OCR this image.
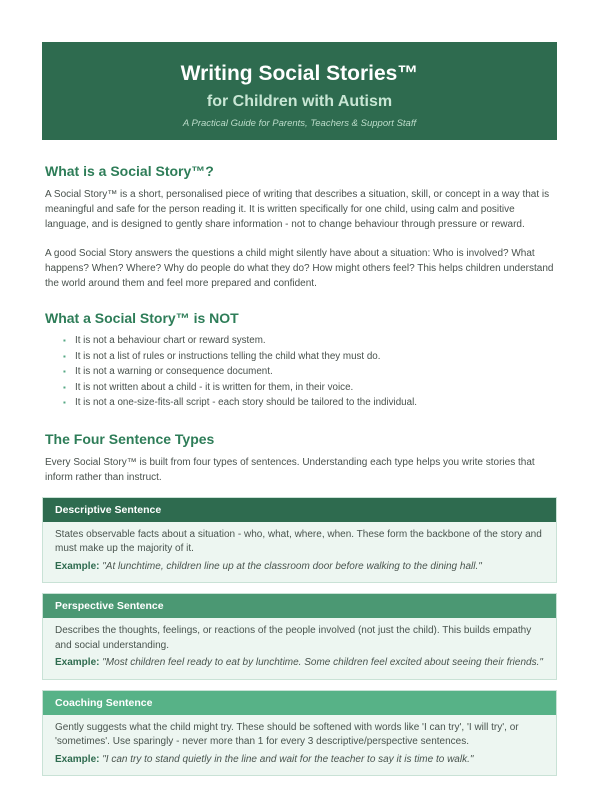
Writing Social Stories™
for Children with Autism
A Practical Guide for Parents, Teachers & Support Staff
What is a Social Story™?

A Social Story™ is a short, personalised piece of writing that describes a situation, skill, or concept in a way that is meaningful and safe for the person reading it. It is written specifically for one child, using calm and positive language, and is designed to gently share information - not to change behaviour through pressure or reward.

A good Social Story answers the questions a child might silently have about a situation: Who is involved? What happens? When? Where? Why do people do what they do? How might others feel? This helps children understand the world around them and feel more prepared and confident.

What a Social Story™ is NOT
▪ It is not a behaviour chart or reward system.
▪ It is not a list of rules or instructions telling the child what they must do.
▪ It is not a warning or consequence document.
▪ It is not written about a child - it is written for them, in their voice.
▪ It is not a one-size-fits-all script - each story should be tailored to the individual.
The Four Sentence Types

Every Social Story™ is built from four types of sentences. Understanding each type helps you write stories that inform rather than instruct.

Descriptive Sentence
States observable facts about a situation - who, what, where, when. These form the backbone of the story and must make up the majority of it.
Example: "At lunchtime, children line up at the classroom door before walking to the dining hall."
Perspective Sentence
Describes the thoughts, feelings, or reactions of the people involved (not just the child). This builds empathy and social understanding.
Example: "Most children feel ready to eat by lunchtime. Some children feel excited about seeing their friends."
Coaching Sentence
Gently suggests what the child might try. These should be softened with words like 'I can try', 'I will try', or 'sometimes'. Use sparingly - never more than 1 for every 3 descriptive/perspective sentences.
Example: "I can try to stand quietly in the line and wait for the teacher to say it is time to walk."
